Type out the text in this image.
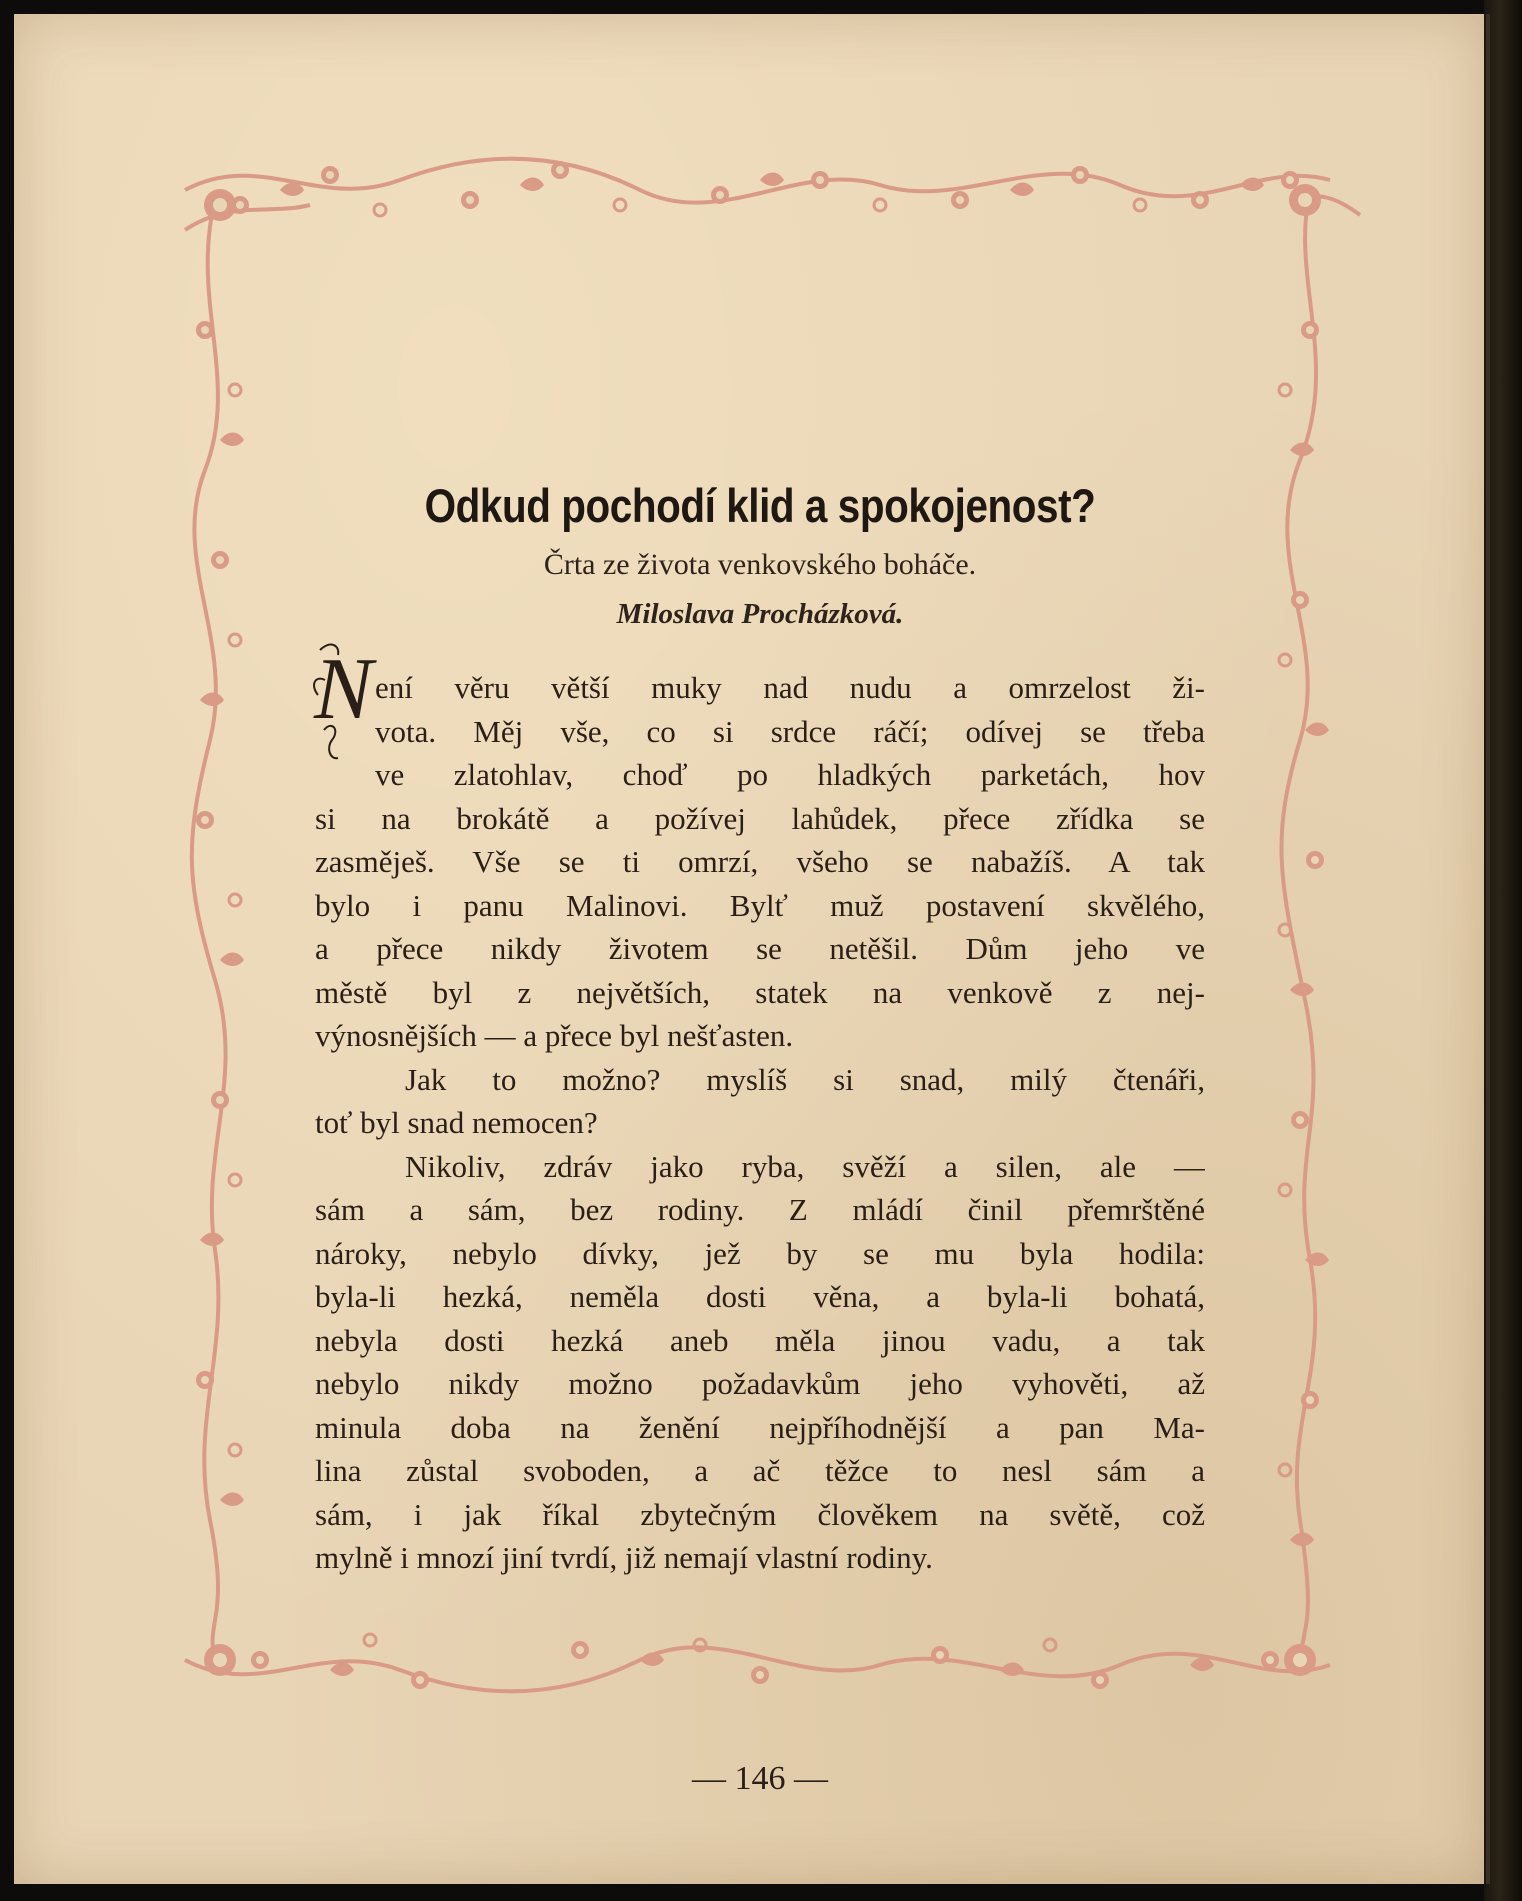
Odkud pochodí klid a spokojenost?
Črta ze života venkovského boháče.
Miloslava Procházková.
N ení věru větší muky nad nudu a omrzelost ži-
vota. Měj vše, co si srdce ráčí; odívej se třeba
ve zlatohlav, choď po hladkých parketách, hov
si na brokátě a požívej lahůdek, přece zřídka se
zasměješ. Vše se ti omrzí, všeho se nabažíš. A tak
bylo i panu Malinovi. Bylť muž postavení skvělého,
a přece nikdy životem se netěšil. Dům jeho ve
městě byl z největších, statek na venkově z nej-
výnosnějších — a přece byl nešťasten.
Jak to možno? myslíš si snad, milý čtenáři,
toť byl snad nemocen?
Nikoliv, zdráv jako ryba, svěží a silen, ale —
sám a sám, bez rodiny. Z mládí činil přemrštěné
nároky, nebylo dívky, jež by se mu byla hodila:
byla-li hezká, neměla dosti věna, a byla-li bohatá,
nebyla dosti hezká aneb měla jinou vadu, a tak
nebylo nikdy možno požadavkům jeho vyhověti, až
minula doba na ženění nejpříhodnější a pan Ma-
lina zůstal svoboden, a ač těžce to nesl sám a
sám, i jak říkal zbytečným člověkem na světě, což
mylně i mnozí jiní tvrdí, již nemají vlastní rodiny.
— 146 —
